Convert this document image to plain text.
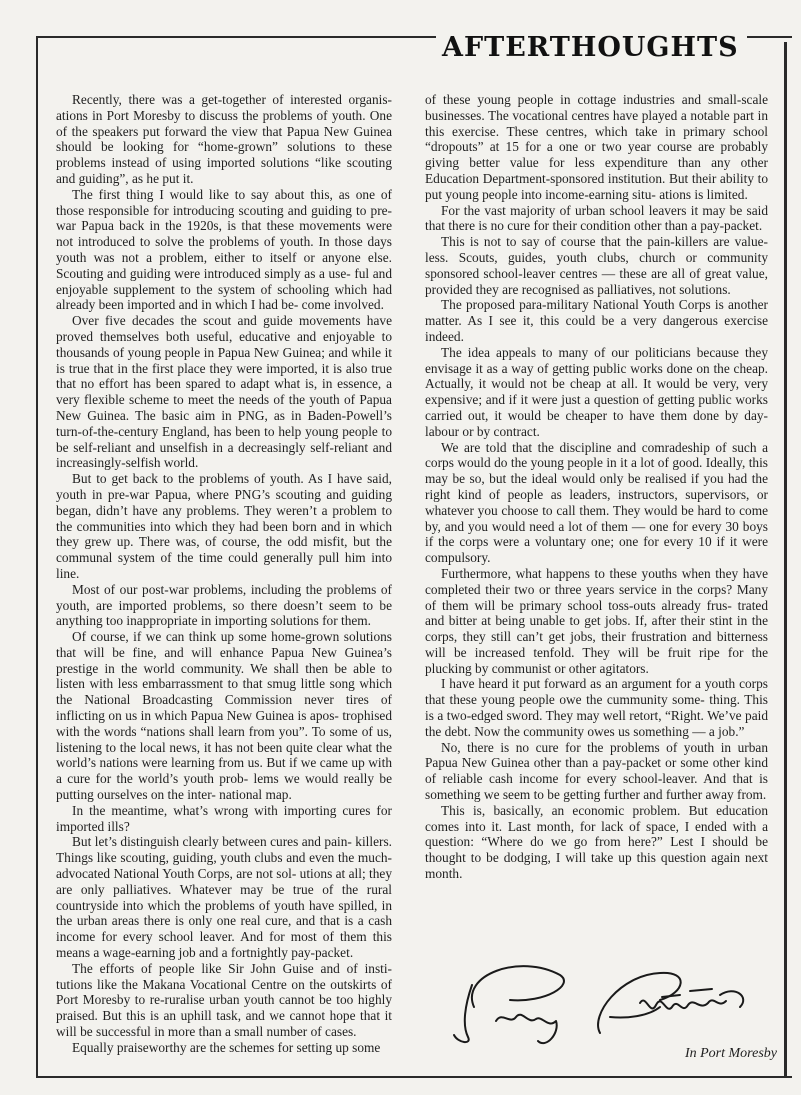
AFTERTHOUGHTS

Recently, there was a get-together of interested organis- ations in Port Moresby to discuss the problems of youth. One of the speakers put forward the view that Papua New Guinea should be looking for “home-grown” solutions to these problems instead of using imported solutions “like scouting and guiding”, as he put it.

The first thing I would like to say about this, as one of those responsible for introducing scouting and guiding to pre-war Papua back in the 1920s, is that these movements were not introduced to solve the problems of youth. In those days youth was not a problem, either to itself or anyone else. Scouting and guiding were introduced simply as a use- ful and enjoyable supplement to the system of schooling which had already been imported and in which I had be- come involved.

Over five decades the scout and guide movements have proved themselves both useful, educative and enjoyable to thousands of young people in Papua New Guinea; and while it is true that in the first place they were imported, it is also true that no effort has been spared to adapt what is, in essence, a very flexible scheme to meet the needs of the youth of Papua New Guinea. The basic aim in PNG, as in Baden-Powell’s turn-of-the-century England, has been to help young people to be self-reliant and unselfish in a decreasingly self-reliant and increasingly-selfish world.

But to get back to the problems of youth. As I have said, youth in pre-war Papua, where PNG’s scouting and guiding began, didn’t have any problems. They weren’t a problem to the communities into which they had been born and in which they grew up. There was, of course, the odd misfit, but the communal system of the time could generally pull him into line.

Most of our post-war problems, including the problems of youth, are imported problems, so there doesn’t seem to be anything too inappropriate in importing solutions for them.

Of course, if we can think up some home-grown solutions that will be fine, and will enhance Papua New Guinea’s prestige in the world community. We shall then be able to listen with less embarrassment to that smug little song which the National Broadcasting Commission never tires of inflicting on us in which Papua New Guinea is apos- trophised with the words “nations shall learn from you”. To some of us, listening to the local news, it has not been quite clear what the world’s nations were learning from us. But if we came up with a cure for the world’s youth prob- lems we would really be putting ourselves on the inter- national map.

In the meantime, what’s wrong with importing cures for imported ills?

But let’s distinguish clearly between cures and pain- killers. Things like scouting, guiding, youth clubs and even the much-advocated National Youth Corps, are not sol- utions at all; they are only palliatives. Whatever may be true of the rural countryside into which the problems of youth have spilled, in the urban areas there is only one real cure, and that is a cash income for every school leaver. And for most of them this means a wage-earning job and a fortnightly pay-packet.

The efforts of people like Sir John Guise and of insti- tutions like the Makana Vocational Centre on the outskirts of Port Moresby to re-ruralise urban youth cannot be too highly praised. But this is an uphill task, and we cannot hope that it will be successful in more than a small number of cases.

Equally praiseworthy are the schemes for setting up some

of these young people in cottage industries and small-scale businesses. The vocational centres have played a notable part in this exercise. These centres, which take in primary school “dropouts” at 15 for a one or two year course are probably giving better value for less expenditure than any other Education Department-sponsored institution. But their ability to put young people into income-earning situ- ations is limited.

For the vast majority of urban school leavers it may be said that there is no cure for their condition other than a pay-packet.

This is not to say of course that the pain-killers are value- less. Scouts, guides, youth clubs, church or community sponsored school-leaver centres — these are all of great value, provided they are recognised as palliatives, not solutions.

The proposed para-military National Youth Corps is another matter. As I see it, this could be a very dangerous exercise indeed.

The idea appeals to many of our politicians because they envisage it as a way of getting public works done on the cheap. Actually, it would not be cheap at all. It would be very, very expensive; and if it were just a question of getting public works carried out, it would be cheaper to have them done by day-labour or by contract.

We are told that the discipline and comradeship of such a corps would do the young people in it a lot of good. Ideally, this may be so, but the ideal would only be realised if you had the right kind of people as leaders, instructors, supervisors, or whatever you choose to call them. They would be hard to come by, and you would need a lot of them — one for every 30 boys if the corps were a voluntary one; one for every 10 if it were compulsory.

Furthermore, what happens to these youths when they have completed their two or three years service in the corps? Many of them will be primary school toss-outs already frus- trated and bitter at being unable to get jobs. If, after their stint in the corps, they still can’t get jobs, their frustration and bitterness will be increased tenfold. They will be fruit ripe for the plucking by communist or other agitators.

I have heard it put forward as an argument for a youth corps that these young people owe the cummunity some- thing. This is a two-edged sword. They may well retort, “Right. We’ve paid the debt. Now the community owes us something — a job.”

No, there is no cure for the problems of youth in urban Papua New Guinea other than a pay-packet or some other kind of reliable cash income for every school-leaver. And that is something we seem to be getting further and further away from.

This is, basically, an economic problem. But education comes into it. Last month, for lack of space, I ended with a question: “Where do we go from here?” Lest I should be thought to be dodging, I will take up this question again next month.

In Port Moresby
